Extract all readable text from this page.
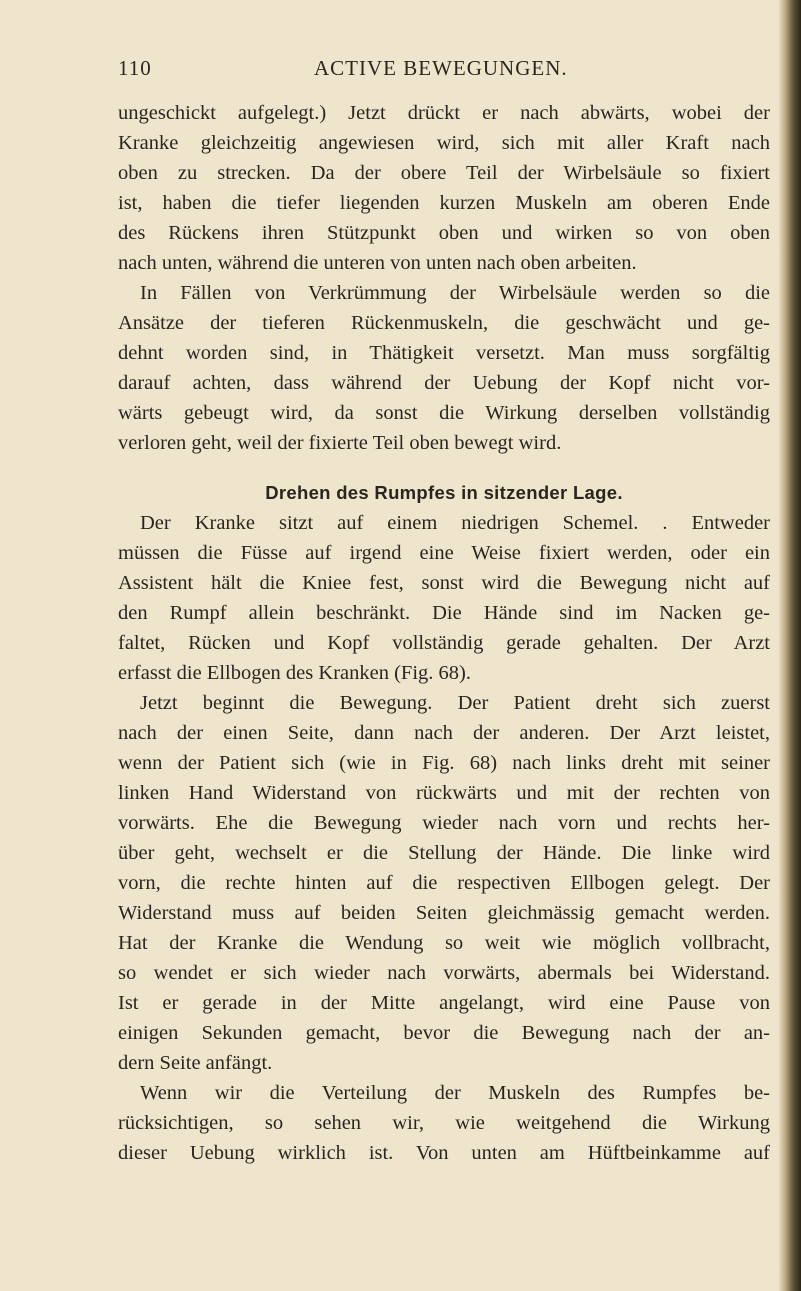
110	ACTIVE BEWEGUNGEN.
ungeschickt aufgelegt.) Jetzt drückt er nach abwärts, wobei der
Kranke gleichzeitig angewiesen wird, sich mit aller Kraft nach
oben zu strecken. Da der obere Teil der Wirbelsäule so fixiert
ist, haben die tiefer liegenden kurzen Muskeln am oberen Ende
des Rückens ihren Stützpunkt oben und wirken so von oben
nach unten, während die unteren von unten nach oben arbeiten.
In Fällen von Verkrümmung der Wirbelsäule werden so die
Ansätze der tieferen Rückenmuskeln, die geschwächt und ge-
dehnt worden sind, in Thätigkeit versetzt. Man muss sorgfältig
darauf achten, dass während der Uebung der Kopf nicht vor-
wärts gebeugt wird, da sonst die Wirkung derselben vollständig
verloren geht, weil der fixierte Teil oben bewegt wird.
Drehen des Rumpfes in sitzender Lage.
Der Kranke sitzt auf einem niedrigen Schemel. . Entweder
müssen die Füsse auf irgend eine Weise fixiert werden, oder ein
Assistent hält die Kniee fest, sonst wird die Bewegung nicht auf
den Rumpf allein beschränkt. Die Hände sind im Nacken ge-
faltet, Rücken und Kopf vollständig gerade gehalten. Der Arzt
erfasst die Ellbogen des Kranken (Fig. 68).
Jetzt beginnt die Bewegung. Der Patient dreht sich zuerst
nach der einen Seite, dann nach der anderen. Der Arzt leistet,
wenn der Patient sich (wie in Fig. 68) nach links dreht mit seiner
linken Hand Widerstand von rückwärts und mit der rechten von
vorwärts. Ehe die Bewegung wieder nach vorn und rechts her-
über geht, wechselt er die Stellung der Hände. Die linke wird
vorn, die rechte hinten auf die respectiven Ellbogen gelegt. Der
Widerstand muss auf beiden Seiten gleichmässig gemacht werden.
Hat der Kranke die Wendung so weit wie möglich vollbracht,
so wendet er sich wieder nach vorwärts, abermals bei Widerstand.
Ist er gerade in der Mitte angelangt, wird eine Pause von
einigen Sekunden gemacht, bevor die Bewegung nach der an-
dern Seite anfängt.
Wenn wir die Verteilung der Muskeln des Rumpfes be-
rücksichtigen, so sehen wir, wie weitgehend die Wirkung
dieser Uebung wirklich ist. Von unten am Hüftbeinkamme auf
